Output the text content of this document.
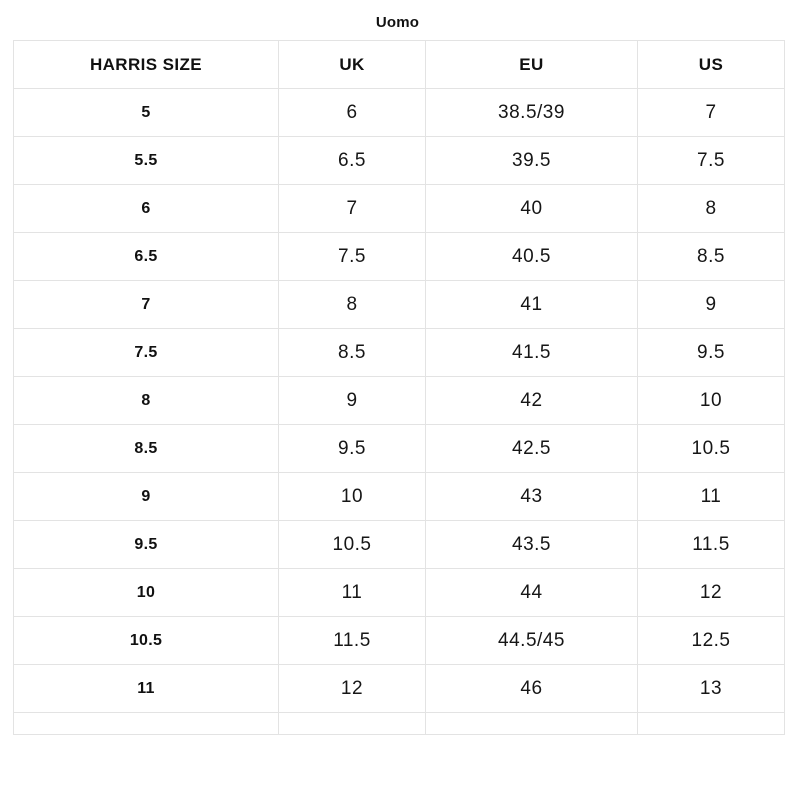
Uomo
HARRIS SIZE	UK	EU	US
5	6	38.5/39	7
5.5	6.5	39.5	7.5
6	7	40	8
6.5	7.5	40.5	8.5
7	8	41	9
7.5	8.5	41.5	9.5
8	9	42	10
8.5	9.5	42.5	10.5
9	10	43	11
9.5	10.5	43.5	11.5
10	11	44	12
10.5	11.5	44.5/45	12.5
11	12	46	13
